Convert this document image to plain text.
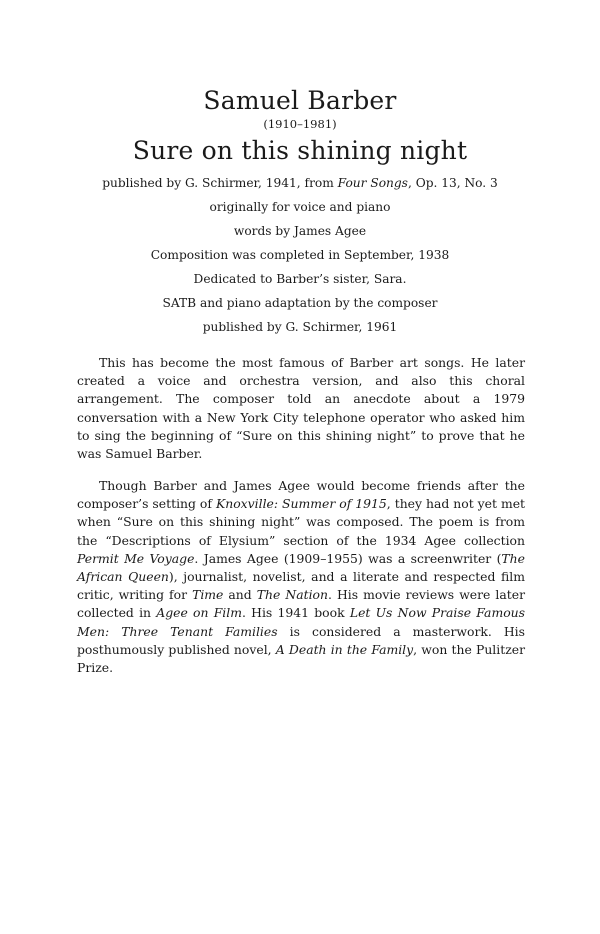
Samuel Barber
(1910–1981)
Sure on this shining night

published by G. Schirmer, 1941, from Four Songs, Op. 13, No. 3

originally for voice and piano

words by James Agee

Composition was completed in September, 1938

Dedicated to Barber’s sister, Sara.

SATB and piano adaptation by the composer

published by G. Schirmer, 1961

This has become the most famous of Barber art songs. He later created a voice and orchestra version, and also this choral arrangement. The composer told an anecdote about a 1979 conversation with a New York City telephone operator who asked him to sing the beginning of “Sure on this shining night” to prove that he was Samuel Barber.

Though Barber and James Agee would become friends after the composer’s setting of Knoxville: Summer of 1915, they had not yet met when “Sure on this shining night” was composed. The poem is from the “Descriptions of Elysium” section of the 1934 Agee collection Permit Me Voyage. James Agee (1909–1955) was a screenwriter (The African Queen), journalist, novelist, and a literate and respected film critic, writing for Time and The Nation. His movie reviews were later collected in Agee on Film. His 1941 book Let Us Now Praise Famous Men: Three Tenant Families is considered a masterwork. His posthumously published novel, A Death in the Family, won the Pulitzer Prize.
